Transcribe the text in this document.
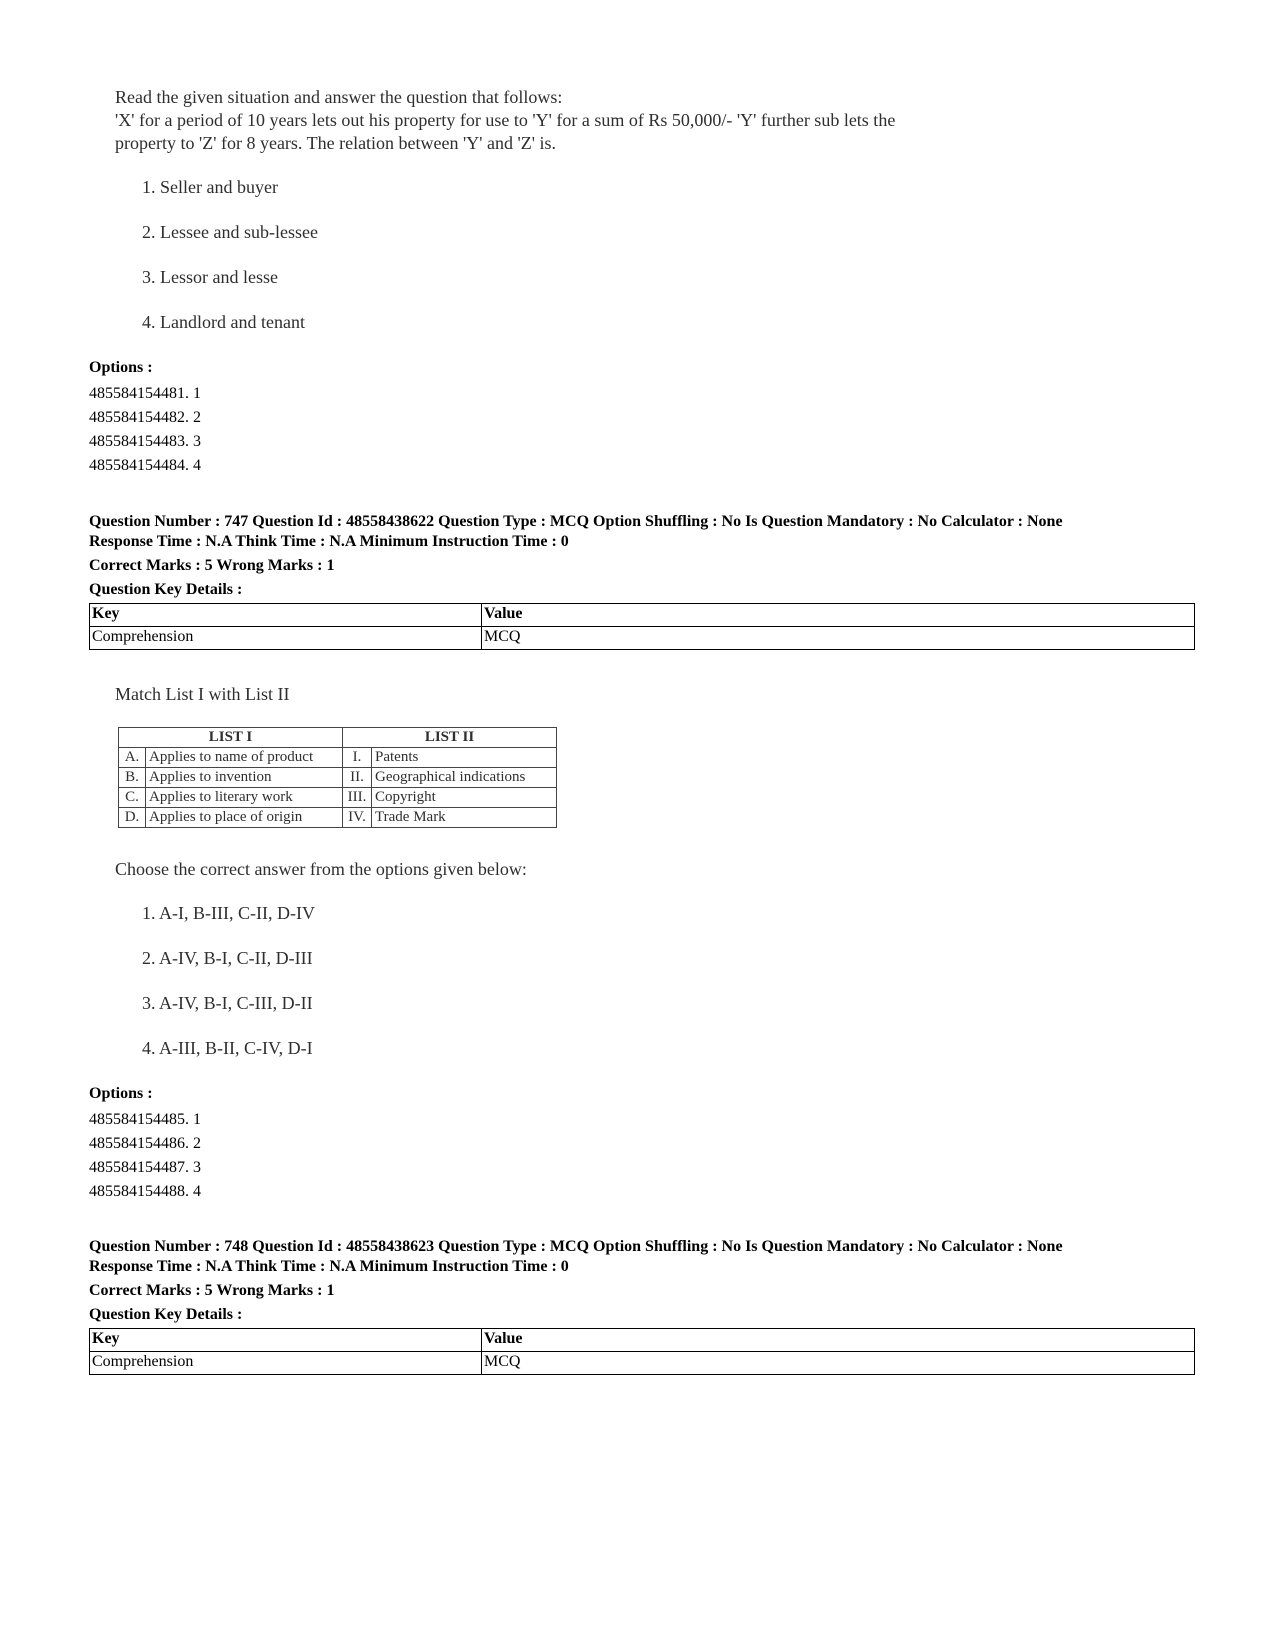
Read the given situation and answer the question that follows:
'X' for a period of 10 years lets out his property for use to 'Y' for a sum of Rs 50,000/- 'Y' further sub lets the
property to 'Z' for 8 years. The relation between 'Y' and 'Z' is.
1. Seller and buyer
2. Lessee and sub-lessee
3. Lessor and lesse
4. Landlord and tenant
Options :
485584154481. 1
485584154482. 2
485584154483. 3
485584154484. 4
Question Number : 747 Question Id : 48558438622 Question Type : MCQ Option Shuffling : No Is Question Mandatory : No Calculator : None
Response Time : N.A Think Time : N.A Minimum Instruction Time : 0
Correct Marks : 5 Wrong Marks : 1
Question Key Details :
Key	Value
Comprehension	MCQ
Match List I with List II
LIST I		LIST II	
A.	Applies to name of product	I.	Patents
B.	Applies to invention	II.	Geographical indications
C.	Applies to literary work	III.	Copyright
D.	Applies to place of origin	IV.	Trade Mark
Choose the correct answer from the options given below:
1. A-I, B-III, C-II, D-IV
2. A-IV, B-I, C-II, D-III
3. A-IV, B-I, C-III, D-II
4. A-III, B-II, C-IV, D-I
Options :
485584154485. 1
485584154486. 2
485584154487. 3
485584154488. 4
Question Number : 748 Question Id : 48558438623 Question Type : MCQ Option Shuffling : No Is Question Mandatory : No Calculator : None
Response Time : N.A Think Time : N.A Minimum Instruction Time : 0
Correct Marks : 5 Wrong Marks : 1
Question Key Details :
Key	Value
Comprehension	MCQ
